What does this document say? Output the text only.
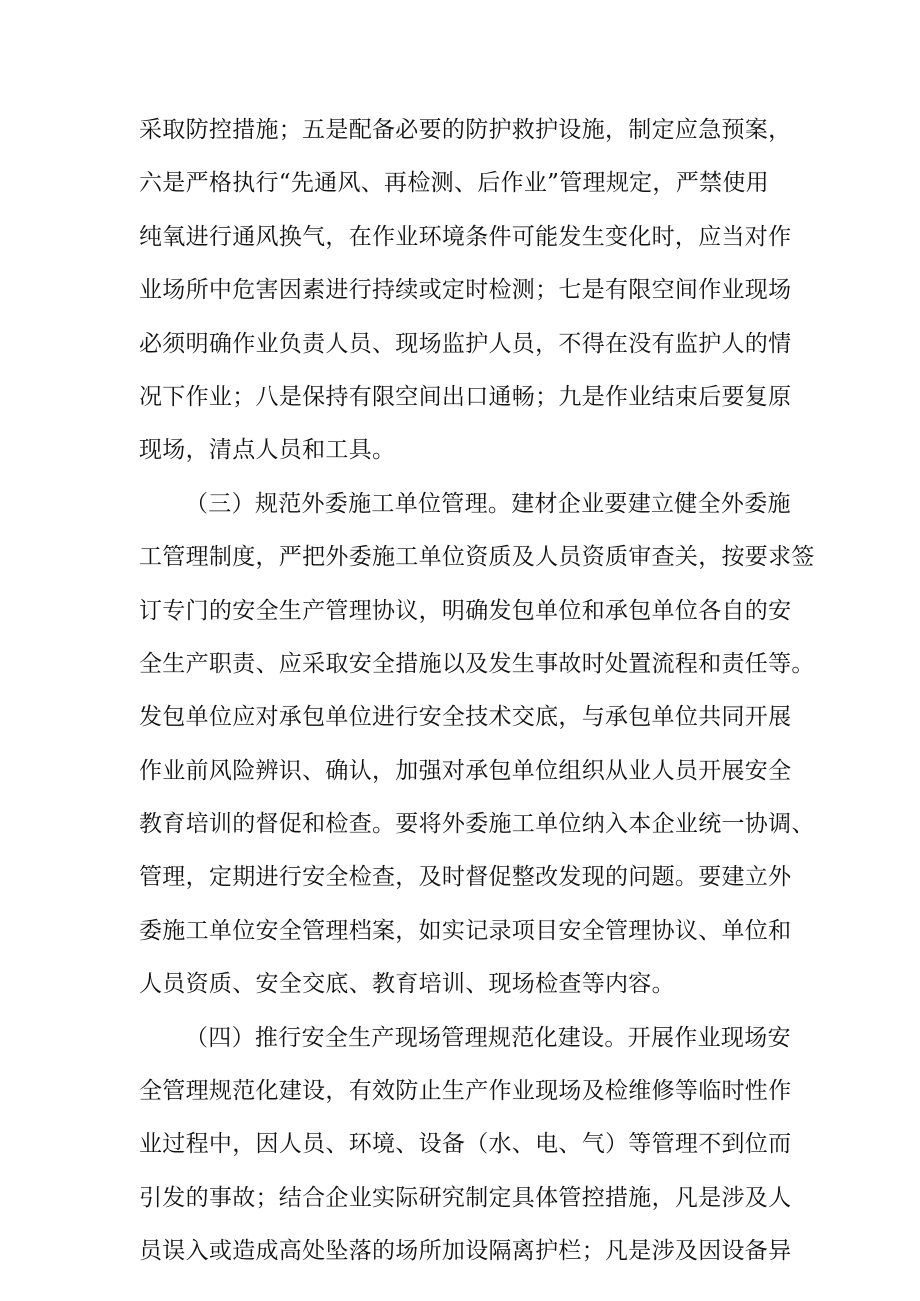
采取防控措施；五是配备必要的防护救护设施，制定应急预案，
六是严格执行“先通风、再检测、后作业”管理规定，严禁使用
纯氧进行通风换气，在作业环境条件可能发生变化时，应当对作
业场所中危害因素进行持续或定时检测；七是有限空间作业现场
必须明确作业负责人员、现场监护人员，不得在没有监护人的情
况下作业；八是保持有限空间出口通畅；九是作业结束后要复原
现场，清点人员和工具。
（三）规范外委施工单位管理。建材企业要建立健全外委施
工管理制度，严把外委施工单位资质及人员资质审查关，按要求签
订专门的安全生产管理协议，明确发包单位和承包单位各自的安
全生产职责、应采取安全措施以及发生事故时处置流程和责任等。
发包单位应对承包单位进行安全技术交底，与承包单位共同开展
作业前风险辨识、确认，加强对承包单位组织从业人员开展安全
教育培训的督促和检查。要将外委施工单位纳入本企业统一协调、
管理，定期进行安全检查，及时督促整改发现的问题。要建立外
委施工单位安全管理档案，如实记录项目安全管理协议、单位和
人员资质、安全交底、教育培训、现场检查等内容。
（四）推行安全生产现场管理规范化建设。开展作业现场安
全管理规范化建设，有效防止生产作业现场及检维修等临时性作
业过程中，因人员、环境、设备（水、电、气）等管理不到位而
引发的事故；结合企业实际研究制定具体管控措施，凡是涉及人
员误入或造成高处坠落的场所加设隔离护栏；凡是涉及因设备异
